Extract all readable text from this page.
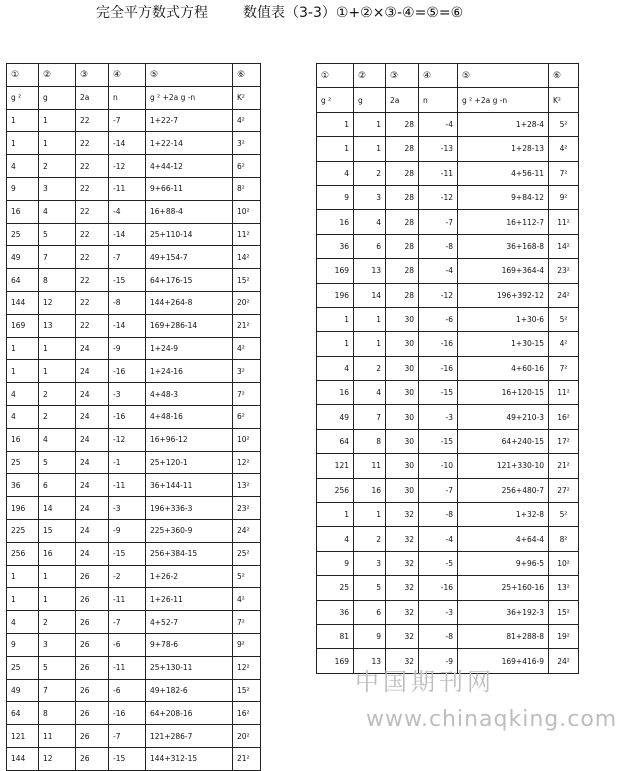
完全平方数式方程	数值表（3-3）①+②×③-④=⑤=⑥
①	②	③	④	⑤	⑥
g ²	g	2a	n	g ² +2a g -n	K²
1	1	22	-7	1+22-7	4²
1	1	22	-14	1+22-14	3²
4	2	22	-12	4+44-12	6²
9	3	22	-11	9+66-11	8²
16	4	22	-4	16+88-4	10²
25	5	22	-14	25+110-14	11²
49	7	22	-7	49+154-7	14²
64	8	22	-15	64+176-15	15²
144	12	22	-8	144+264-8	20²
169	13	22	-14	169+286-14	21²
1	1	24	-9	1+24-9	4²
1	1	24	-16	1+24-16	3²
4	2	24	-3	4+48-3	7²
4	2	24	-16	4+48-16	6²
16	4	24	-12	16+96-12	10²
25	5	24	-1	25+120-1	12²
36	6	24	-11	36+144-11	13²
196	14	24	-3	196+336-3	23²
225	15	24	-9	225+360-9	24²
256	16	24	-15	256+384-15	25²
1	1	26	-2	1+26-2	5²
1	1	26	-11	1+26-11	4²
4	2	26	-7	4+52-7	7²
9	3	26	-6	9+78-6	9²
25	5	26	-11	25+130-11	12²
49	7	26	-6	49+182-6	15²
64	8	26	-16	64+208-16	16²
121	11	26	-7	121+286-7	20²
144	12	26	-15	144+312-15	21²
①	②	③	④	⑤	⑥
g ²	g	2a	n	g ² +2a g -n	K²
1	1	28	-4	1+28-4	5²
1	1	28	-13	1+28-13	4²
4	2	28	-11	4+56-11	7²
9	3	28	-12	9+84-12	9²
16	4	28	-7	16+112-7	11²
36	6	28	-8	36+168-8	14²
169	13	28	-4	169+364-4	23²
196	14	28	-12	196+392-12	24²
1	1	30	-6	1+30-6	5²
1	1	30	-16	1+30-15	4²
4	2	30	-16	4+60-16	7²
16	4	30	-15	16+120-15	11²
49	7	30	-3	49+210-3	16²
64	8	30	-15	64+240-15	17²
121	11	30	-10	121+330-10	21²
256	16	30	-7	256+480-7	27²
1	1	32	-8	1+32-8	5²
4	2	32	-4	4+64-4	8²
9	3	32	-5	9+96-5	10²
25	5	32	-16	25+160-16	13²
36	6	32	-3	36+192-3	15²
81	9	32	-8	81+288-8	19²
169	13	32	-9	169+416-9	24²
中国期刊网
www.chinaqking.com
